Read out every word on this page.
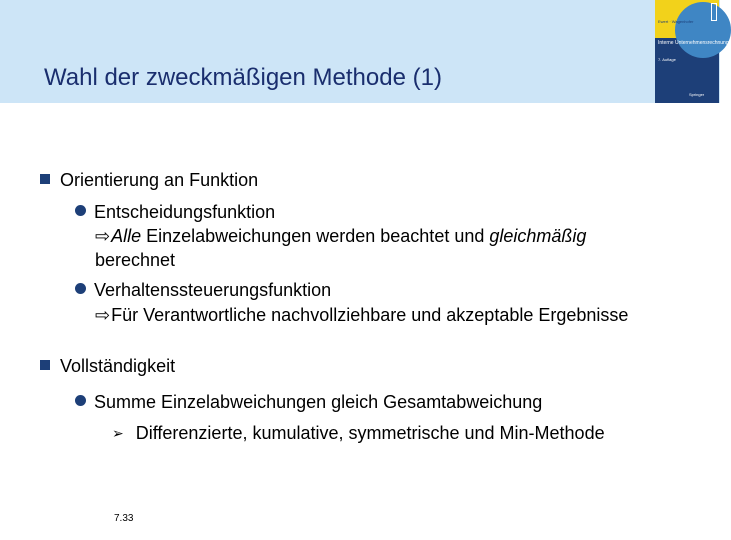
Wahl der zweckmäßigen Methode (1)
Ewert · Wagenhofer
Interne Unternehmensrechnung
7. Auflage
Springer
Orientierung an Funktion
Entscheidungsfunktion
⇨Alle Einzelabweichungen werden beachtet und gleichmäßig
berechnet
Verhaltenssteuerungsfunktion
⇨Für Verantwortliche nachvollziehbare und akzeptable Ergebnisse
Vollständigkeit
Summe Einzelabweichungen gleich Gesamtabweichung
➢ Differenzierte, kumulative, symmetrische und Min-Methode
7.33
